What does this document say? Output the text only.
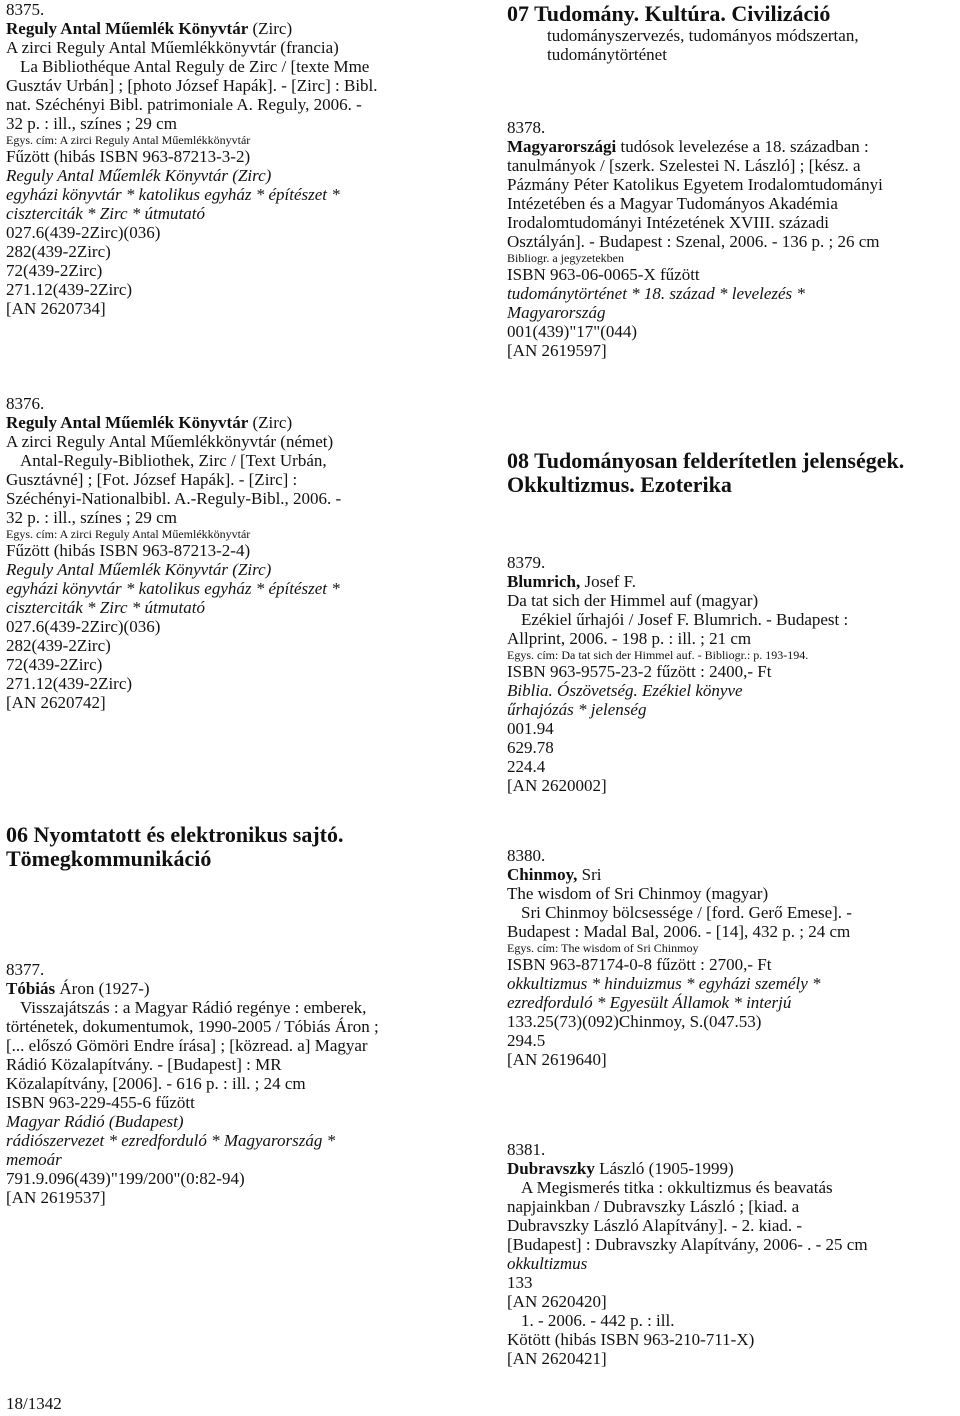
8375.
Reguly Antal Műemlék Könyvtár (Zirc)
A zirci Reguly Antal Műemlékkönyvtár (francia)
La Bibliothéque Antal Reguly de Zirc / [texte Mme
Gusztáv Urbán] ; [photo József Hapák]. - [Zirc] : Bibl.
nat. Széchényi Bibl. patrimoniale A. Reguly, 2006. -
32 p. : ill., színes ; 29 cm
Egys. cím: A zirci Reguly Antal Műemlékkönyvtár
Fűzött (hibás ISBN 963-87213-3-2)
Reguly Antal Műemlék Könyvtár (Zirc)
egyházi könyvtár * katolikus egyház * építészet *
ciszterciták * Zirc * útmutató
027.6(439-2Zirc)(036)
282(439-2Zirc)
72(439-2Zirc)
271.12(439-2Zirc)
[AN 2620734]
8376.
Reguly Antal Műemlék Könyvtár (Zirc)
A zirci Reguly Antal Műemlékkönyvtár (német)
Antal-Reguly-Bibliothek, Zirc / [Text Urbán,
Gusztávné] ; [Fot. József Hapák]. - [Zirc] :
Széchényi-Nationalbibl. A.-Reguly-Bibl., 2006. -
32 p. : ill., színes ; 29 cm
Egys. cím: A zirci Reguly Antal Műemlékkönyvtár
Fűzött (hibás ISBN 963-87213-2-4)
Reguly Antal Műemlék Könyvtár (Zirc)
egyházi könyvtár * katolikus egyház * építészet *
ciszterciták * Zirc * útmutató
027.6(439-2Zirc)(036)
282(439-2Zirc)
72(439-2Zirc)
271.12(439-2Zirc)
[AN 2620742]
06 Nyomtatott és elektronikus sajtó.
Tömegkommunikáció
8377.
Tóbiás Áron (1927-)
Visszajátszás : a Magyar Rádió regénye : emberek,
történetek, dokumentumok, 1990-2005 / Tóbiás Áron ;
[... előszó Gömöri Endre írása] ; [közread. a] Magyar
Rádió Közalapítvány. - [Budapest] : MR
Közalapítvány, [2006]. - 616 p. : ill. ; 24 cm
ISBN 963-229-455-6 fűzött
Magyar Rádió (Budapest)
rádiószervezet * ezredforduló * Magyarország *
memoár
791.9.096(439)"199/200"(0:82-94)
[AN 2619537]
07 Tudomány. Kultúra. Civilizáció
tudományszervezés, tudományos módszertan,
tudománytörténet
8378.
Magyarországi tudósok levelezése a 18. században :
tanulmányok / [szerk. Szelestei N. László] ; [kész. a
Pázmány Péter Katolikus Egyetem Irodalomtudományi
Intézetében és a Magyar Tudományos Akadémia
Irodalomtudományi Intézetének XVIII. századi
Osztályán]. - Budapest : Szenal, 2006. - 136 p. ; 26 cm
Bibliogr. a jegyzetekben
ISBN 963-06-0065-X fűzött
tudománytörténet * 18. század * levelezés *
Magyarország
001(439)"17"(044)
[AN 2619597]
08 Tudományosan felderítetlen jelenségek.
Okkultizmus. Ezoterika
8379.
Blumrich, Josef F.
Da tat sich der Himmel auf (magyar)
Ezékiel űrhajói / Josef F. Blumrich. - Budapest :
Allprint, 2006. - 198 p. : ill. ; 21 cm
Egys. cím: Da tat sich der Himmel auf. - Bibliogr.: p. 193-194.
ISBN 963-9575-23-2 fűzött : 2400,- Ft
Biblia. Ószövetség. Ezékiel könyve
űrhajózás * jelenség
001.94
629.78
224.4
[AN 2620002]
8380.
Chinmoy, Sri
The wisdom of Sri Chinmoy (magyar)
Sri Chinmoy bölcsessége / [ford. Gerő Emese]. -
Budapest : Madal Bal, 2006. - [14], 432 p. ; 24 cm
Egys. cím: The wisdom of Sri Chinmoy
ISBN 963-87174-0-8 fűzött : 2700,- Ft
okkultizmus * hinduizmus * egyházi személy *
ezredforduló * Egyesült Államok * interjú
133.25(73)(092)Chinmoy, S.(047.53)
294.5
[AN 2619640]
8381.
Dubravszky László (1905-1999)
A Megismerés titka : okkultizmus és beavatás
napjainkban / Dubravszky László ; [kiad. a
Dubravszky László Alapítvány]. - 2. kiad. -
[Budapest] : Dubravszky Alapítvány, 2006- . - 25 cm
okkultizmus
133
[AN 2620420]
1. - 2006. - 442 p. : ill.
Kötött (hibás ISBN 963-210-711-X)
[AN 2620421]
18/1342
